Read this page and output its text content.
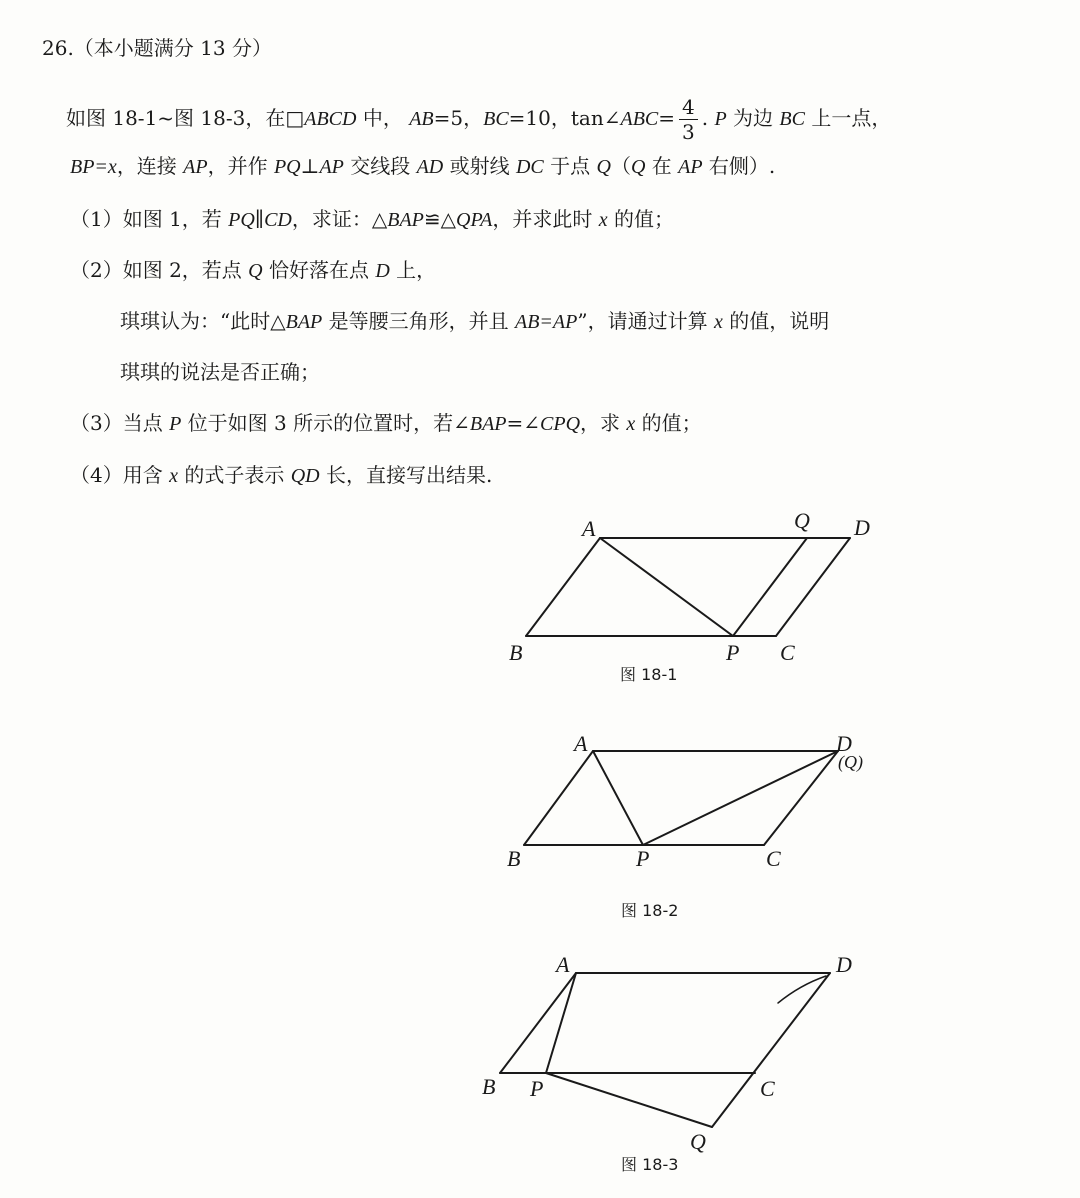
26.（本小题满分 13 分）
如图 18-1~图 18-3，在□ABCD 中， AB=5，BC=10，tan∠ABC= $\frac{4}{3}$ . P 为边 BC 上一点，
BP=x，连接 AP，并作 PQ⊥AP 交线段 AD 或射线 DC 于点 Q（Q 在 AP 右侧）.
（1）如图 1，若 PQ∥CD，求证：△BAP≌△QPA，并求此时 x 的值；
（2）如图 2，若点 Q 恰好落在点 D 上，
琪琪认为：“此时△BAP 是等腰三角形，并且 AB=AP”，请通过计算 x 的值，说明
琪琪的说法是否正确；
（3）当点 P 位于如图 3 所示的位置时，若∠BAP=∠CPQ，求 x 的值；
（4）用含 x 的式子表示 QD 长，直接写出结果.
A	Q D
B	P C
图 18-1
A	D
(Q)
B	P	C
图 18-2
A	D
B P	C
Q
图 18-3
